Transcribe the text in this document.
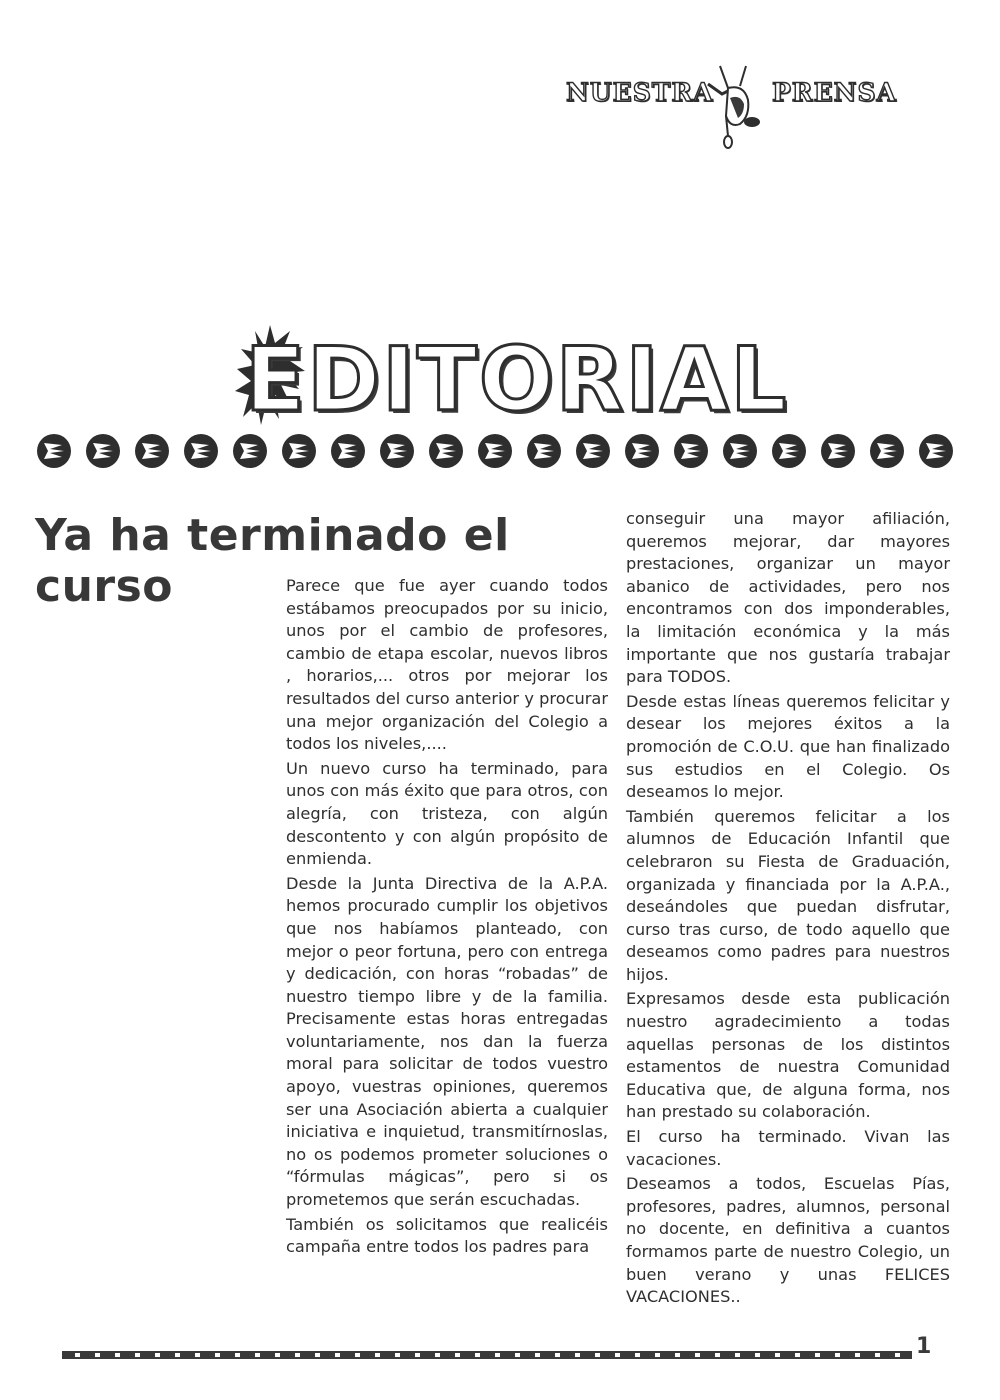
NUESTRA PRENSA
EDITORIAL
Ya ha terminado el curso	Parece que fue ayer cuando todos estábamos preocupados por su inicio, unos por el cambio de profesores, cambio de etapa escolar, nuevos libros , horarios,... otros por mejorar los resultados del curso anterior y procurar una mejor organización del Colegio a todos los niveles,....

Un nuevo curso ha terminado, para unos con más éxito que para otros, con alegría, con tristeza, con algún descontento y con algún propósito de enmienda.

Desde la Junta Directiva de la A.P.A. hemos procurado cumplir los objetivos que nos habíamos planteado, con mejor o peor fortuna, pero con entrega y dedicación, con horas “robadas” de nuestro tiempo libre y de la familia. Precisamente estas horas entregadas voluntariamente, nos dan la fuerza moral para solicitar de todos vuestro apoyo, vuestras opiniones, queremos ser una Asociación abierta a cualquier iniciativa e inquietud, transmitírnoslas, no os podemos prometer soluciones o “fórmulas mágicas”, pero si os prometemos que serán escuchadas.

También os solicitamos que realicéis campaña entre todos los padres para

conseguir una mayor afiliación, queremos mejorar, dar mayores prestaciones, organizar un mayor abanico de actividades, pero nos encontramos con dos imponderables, la limitación económica y la más importante que nos gustaría trabajar para TODOS.

Desde estas líneas queremos felicitar y desear los mejores éxitos a la promoción de C.O.U. que han finalizado sus estudios en el Colegio. Os deseamos lo mejor.

También queremos felicitar a los alumnos de Educación Infantil que celebraron su Fiesta de Graduación, organizada y financiada por la A.P.A., deseándoles que puedan disfrutar, curso tras curso, de todo aquello que deseamos como padres para nuestros hijos.

Expresamos desde esta publicación nuestro agradecimiento a todas aquellas personas de los distintos estamentos de nuestra Comunidad Educativa que, de alguna forma, nos han prestado su colaboración.

El curso ha terminado. Vivan las vacaciones.

Deseamos a todos, Escuelas Pías, profesores, padres, alumnos, personal no docente, en definitiva a cuantos formamos parte de nuestro Colegio, un buen verano y unas FELICES VACACIONES..

1
